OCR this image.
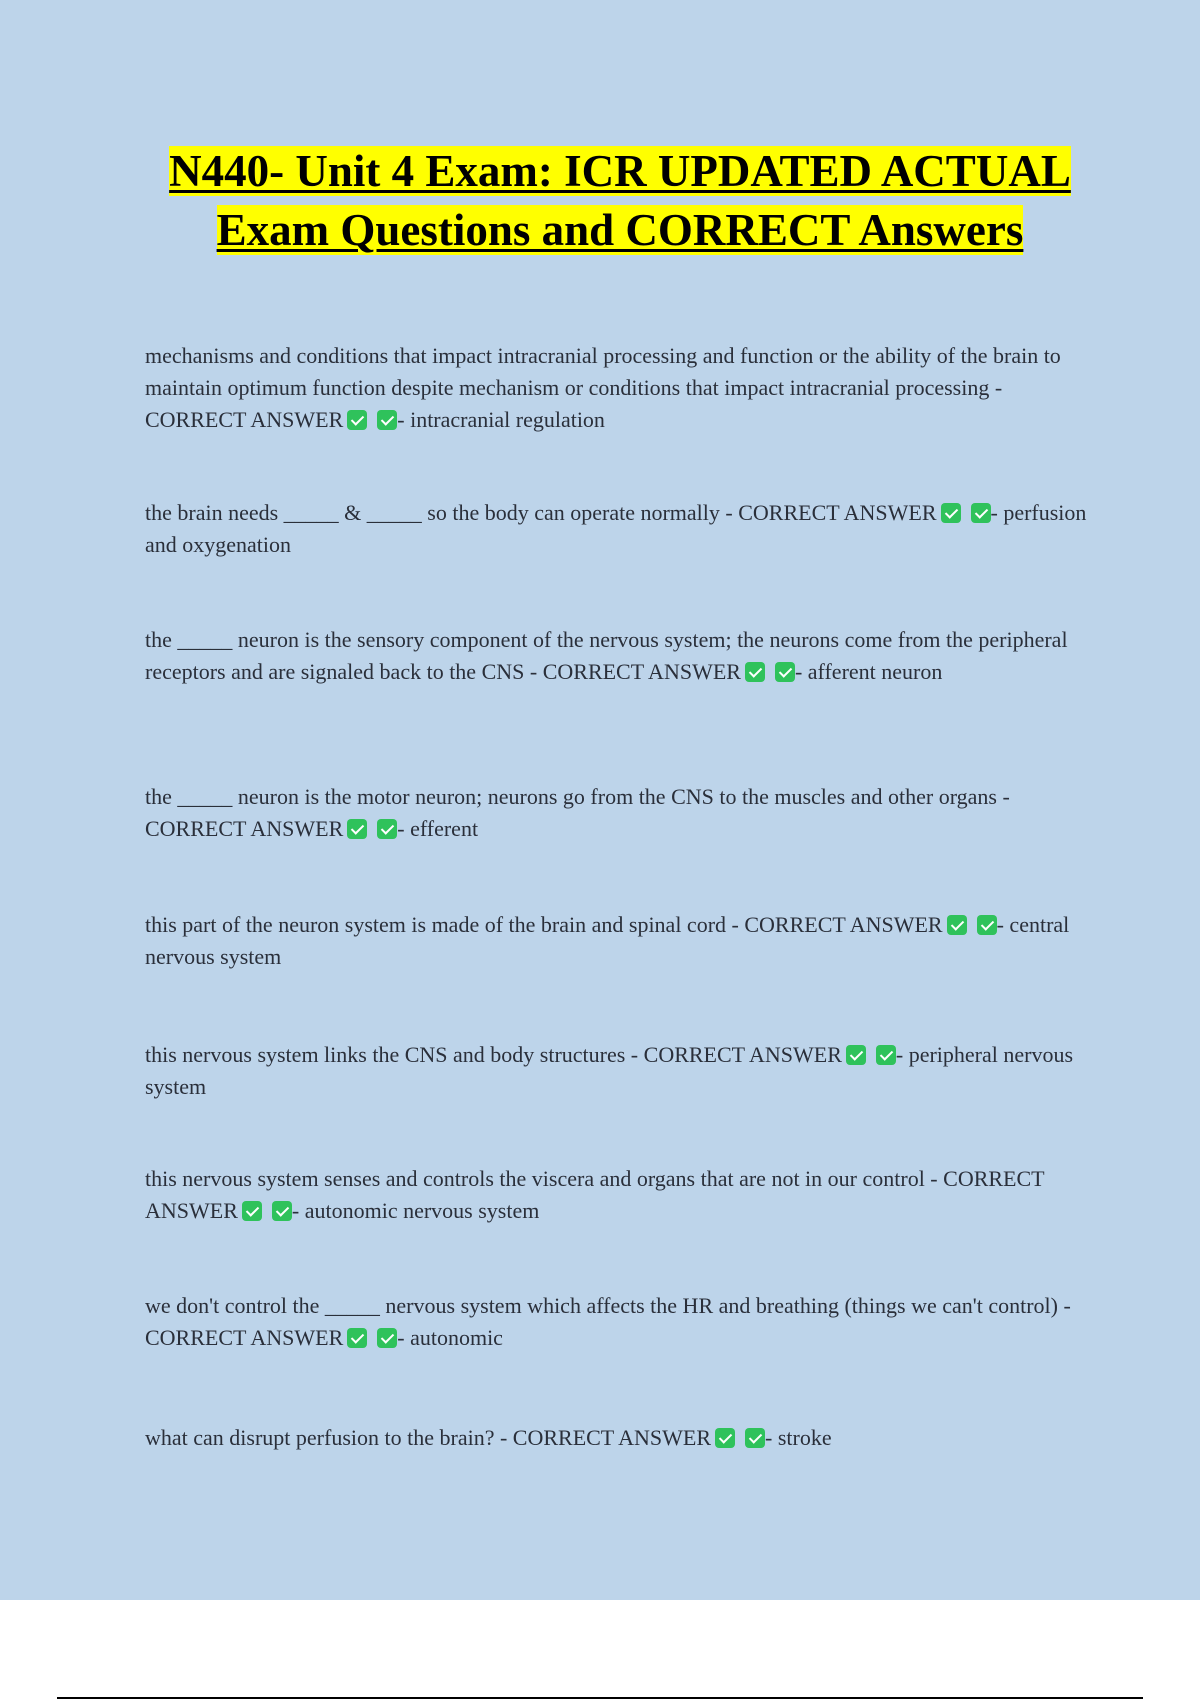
N440- Unit 4 Exam: ICR UPDATED ACTUAL Exam Questions and CORRECT Answers

mechanisms and conditions that impact intracranial processing and function or the ability of the brain to maintain optimum function despite mechanism or conditions that impact intracranial processing - CORRECT ANSWER - intracranial regulation

the brain needs _____ & _____ so the body can operate normally - CORRECT ANSWER - perfusion and oxygenation

the _____ neuron is the sensory component of the nervous system; the neurons come from the peripheral receptors and are signaled back to the CNS - CORRECT ANSWER - afferent neuron

the _____ neuron is the motor neuron; neurons go from the CNS to the muscles and other organs - CORRECT ANSWER - efferent

this part of the neuron system is made of the brain and spinal cord - CORRECT ANSWER - central nervous system

this nervous system links the CNS and body structures - CORRECT ANSWER - peripheral nervous system

this nervous system senses and controls the viscera and organs that are not in our control - CORRECT ANSWER - autonomic nervous system

we don't control the _____ nervous system which affects the HR and breathing (things we can't control) - CORRECT ANSWER - autonomic

what can disrupt perfusion to the brain? - CORRECT ANSWER - stroke
